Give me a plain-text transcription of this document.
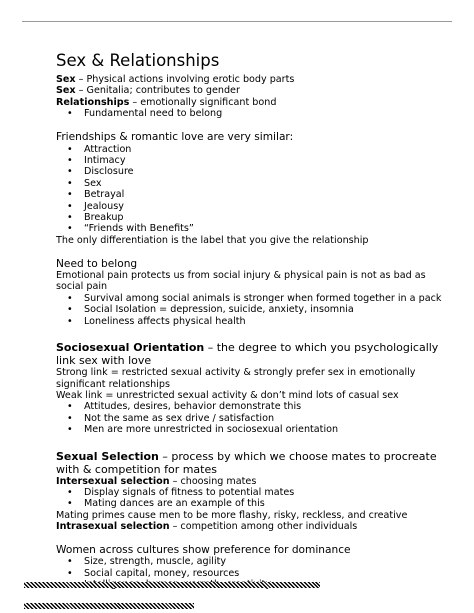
Sex & Relationships

Sex – Physical actions involving erotic body parts

Sex – Genitalia; contributes to gender

Relationships – emotionally significant bond

• Fundamental need to belong

Friendships & romantic love are very similar:

• Attraction
• Intimacy
• Disclosure
• Sex
• Betrayal
• Jealousy
• Breakup
• “Friends with Benefits”

The only differentiation is the label that you give the relationship

Need to belong

Emotional pain protects us from social injury & physical pain is not as bad as social pain

• Survival among social animals is stronger when formed together in a pack
• Social Isolation = depression, suicide, anxiety, insomnia
• Loneliness affects physical health

Sociosexual Orientation – the degree to which you psychologically link sex with love

Strong link = restricted sexual activity & strongly prefer sex in emotionally significant relationships

Weak link = unrestricted sexual activity & don’t mind lots of casual sex

• Attitudes, desires, behavior demonstrate this
• Not the same as sex drive / satisfaction
• Men are more unrestricted in sociosexual orientation

Sexual Selection – process by which we choose mates to procreate with & competition for mates

Intersexual selection – choosing mates

• Display signals of fitness to potential mates
• Mating dances are an example of this

Mating primes cause men to be more flashy, risky, reckless, and creative

Intrasexual selection – competition among other individuals

Women across cultures show preference for dominance

• Size, strength, muscle, agility
• Social capital, money, resources
•
